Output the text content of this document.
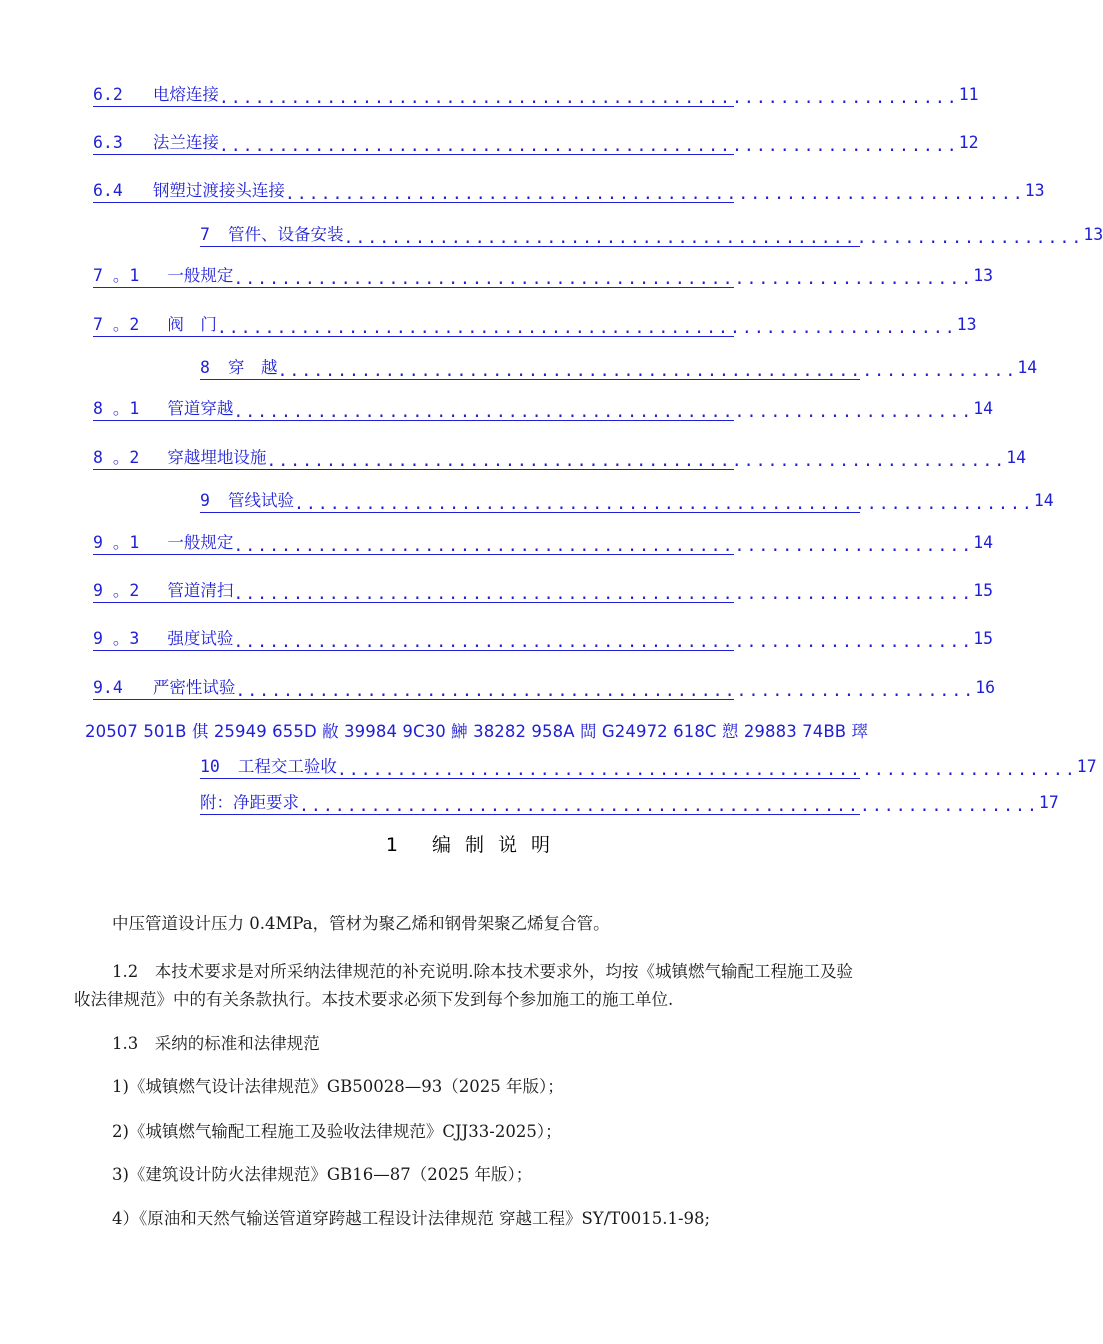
6.2 电熔连接 .............................................................. 11
6.3 法兰连接 .............................................................. 12
6.4 钢塑过渡接头连接 .............................................................. 13
7 管件、设备安装 .............................................................. 13
7 。1 一般规定 .............................................................. 13
7 。2 阀　门 .............................................................. 13
8 穿　越 .............................................................. 14
8 。1 管道穿越 .............................................................. 14
8 。2 穿越埋地设施 .............................................................. 14
9 管线试验 .............................................................. 14
9 。1 一般规定 .............................................................. 14
9 。2 管道清扫 .............................................................. 15
9 。3 强度试验 .............................................................. 15
9.4 严密性试验 .............................................................. 16
20507 501B 倛 25949 655D 敝 39984 9C30 鰰 38282 958A 閊 G24972 618C 愬 29883 74BB 璻
10 工程交工验收 .............................................................. 17
附：净距要求 .............................................................. 17
1 编制说明
中压管道设计压力 0.4MPa，管材为聚乙烯和钢骨架聚乙烯复合管。
1.2　本技术要求是对所采纳法律规范的补充说明.除本技术要求外，均按《城镇燃气输配工程施工及验收法律规范》中的有关条款执行。本技术要求必须下发到每个参加施工的施工单位.
1.3　采纳的标准和法律规范
1)《城镇燃气设计法律规范》GB50028—93（2025 年版）；
2)《城镇燃气输配工程施工及验收法律规范》CJJ33-2025）；
3)《建筑设计防火法律规范》GB16—87（2025 年版）；
4）《原油和天然气输送管道穿跨越工程设计法律规范 穿越工程》SY/T0015.1-98;
